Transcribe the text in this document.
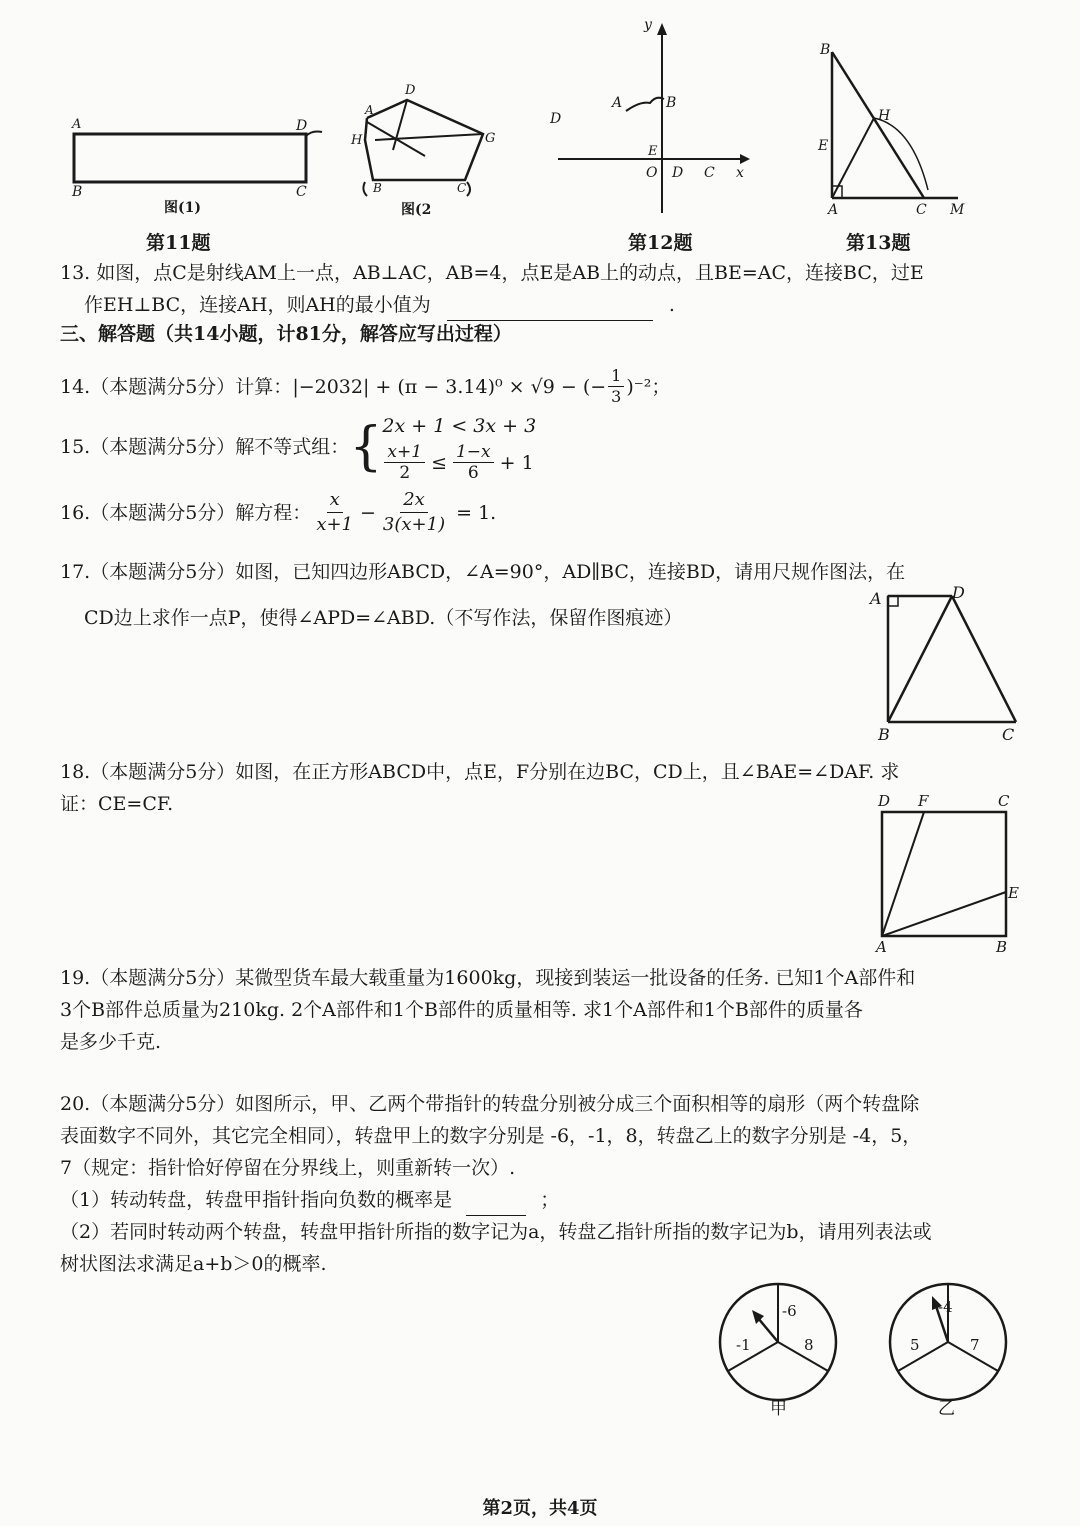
A	D
B	C
图(1)
A
D
H	G
B	C
图(2
第11题
y
x
O D C
E
B
A
D
第12题
B
H
E
A	C M
第13题
13. 如图，点C是射线AM上一点，AB⊥AC，AB=4，点E是AB上的动点，且BE=AC，连接BC，过E
作EH⊥BC，连接AH，则AH的最小值为	.
三、解答题（共14小题，计81分，解答应写出过程）
14.（本题满分5分）计算： |−2032| + (π − 3.14)⁰ × √9 − (− $\frac{1}{3} )^{-2}$；
15.（本题满分5分）解不等式组： { 2x + 1 < 3x + 3
$\frac{x+1}{2} \le \frac{1-x}{6} + 1$
16.（本题满分5分）解方程： $\frac{x}{x+1} - \frac{2x}{3(x+1)} = 1$.
17.（本题满分5分）如图，已知四边形ABCD，∠A=90°，AD∥BC，连接BD，请用尺规作图法，在
CD边上求作一点P，使得∠APD=∠ABD.（不写作法，保留作图痕迹）
A	D
B	C
18.（本题满分5分）如图，在正方形ABCD中，点E，F分别在边BC，CD上，且∠BAE=∠DAF. 求
证：CE=CF.	D F	C
E
A	B
19.（本题满分5分）某微型货车最大载重量为1600kg，现接到装运一批设备的任务. 已知1个A部件和
3个B部件总质量为210kg. 2个A部件和1个B部件的质量相等. 求1个A部件和1个B部件的质量各
是多少千克.
20.（本题满分5分）如图所示，甲、乙两个带指针的转盘分别被分成三个面积相等的扇形（两个转盘除
表面数字不同外，其它完全相同），转盘甲上的数字分别是 -6，-1，8，转盘乙上的数字分别是 -4，5，
7（规定：指针恰好停留在分界线上，则重新转一次）.
（1）转动转盘，转盘甲指针指向负数的概率是	；
（2）若同时转动两个转盘，转盘甲指针所指的数字记为a，转盘乙指针所指的数字记为b，请用列表法或
树状图法求满足a+b＞0的概率.
-6
-1	8
甲
-4
5	7
乙
第2页，共4页
